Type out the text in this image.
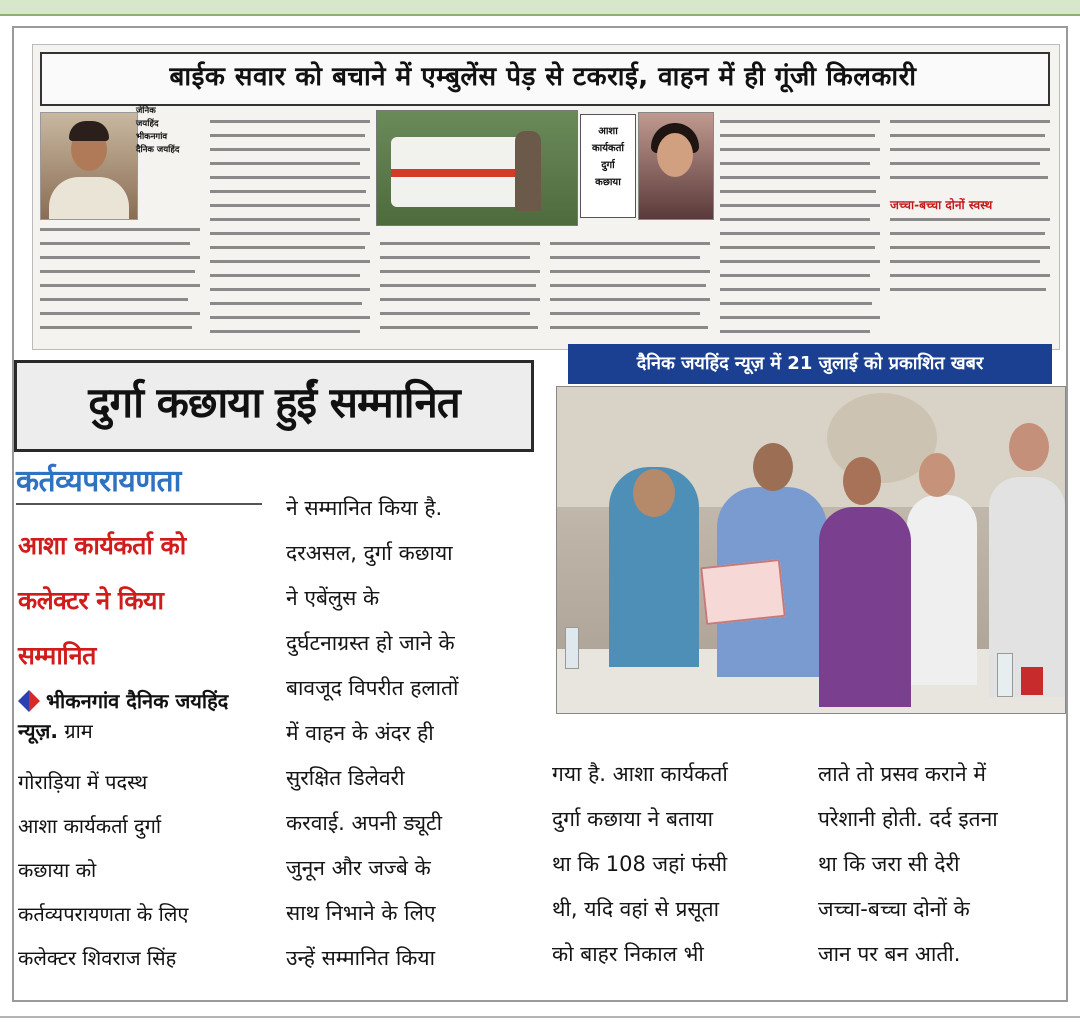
बाईक सवार को बचाने में एम्बुलेंस पेड़ से टकराई, वाहन में ही गूंजी किलकारी
जेनिक
जयहिंद
भीकनगांव
दैनिक जयहिंद
आशा
कार्यकर्ता
दुर्गा
कछाया
जच्चा-बच्चा दोनों स्वस्थ
दुर्गा कछाया हुईं सम्मानित
कर्तव्यपरायणता
आशा कार्यकर्ता को
कलेक्टर ने किया
सम्मानित
भीकनगांव दैनिक जयहिंद न्यूज़. ग्राम
गोराड़िया में पदस्थ
आशा कार्यकर्ता दुर्गा
कछाया को
कर्तव्यपरायणता के लिए
कलेक्टर शिवराज सिंह
ने सम्मानित किया है.
दरअसल, दुर्गा कछाया
ने एबेंलुस के
दुर्घटनाग्रस्त हो जाने के
बावजूद विपरीत हलातों
में वाहन के अंदर ही
सुरक्षित डिलेवरी
करवाई. अपनी ड्यूटी
जुनून और जज्बे के
साथ निभाने के लिए
उन्हें सम्मानित किया
दैनिक जयहिंद न्यूज़ में 21 जुलाई को प्रकाशित खबर
गया है. आशा कार्यकर्ता
दुर्गा कछाया ने बताया
था कि 108 जहां फंसी
थी, यदि वहां से प्रसूता
को बाहर निकाल भी
लाते तो प्रसव कराने में
परेशानी होती. दर्द इतना
था कि जरा सी देरी
जच्चा-बच्चा दोनों के
जान पर बन आती.
